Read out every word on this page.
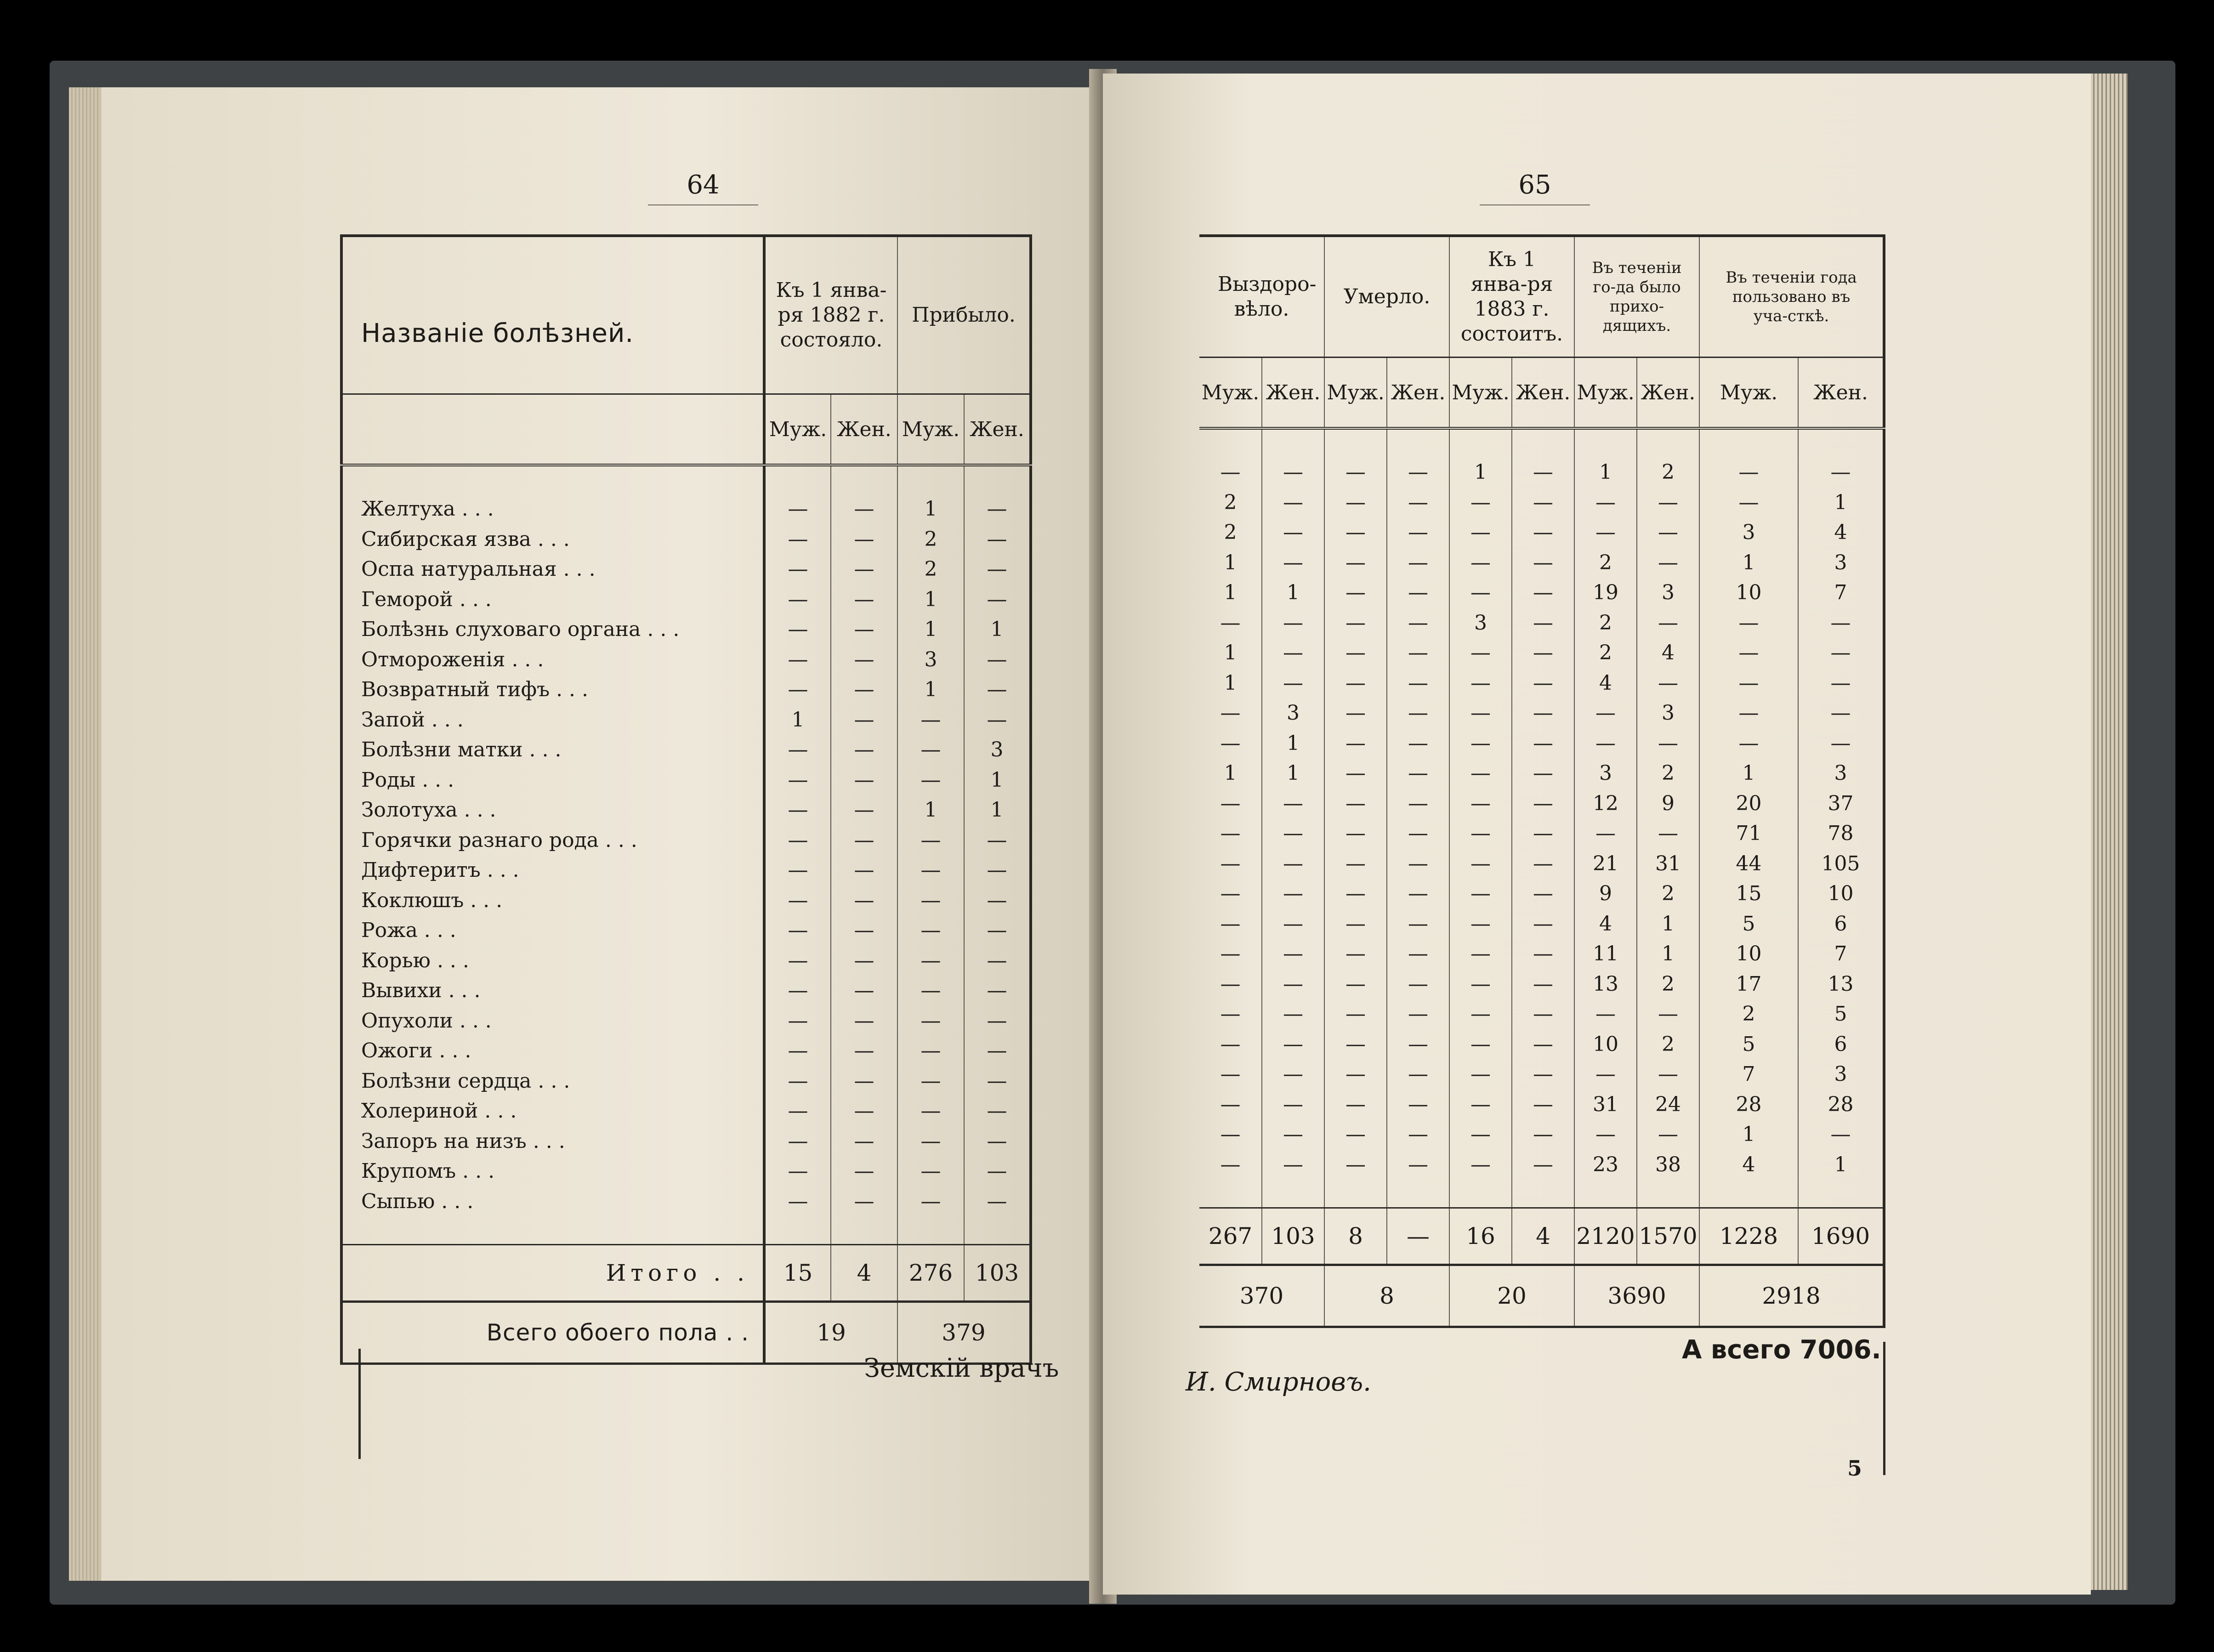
64
Названіе болѣзней.	Къ 1 янва-ря 1882 г. состояло.		Прибыло.	
	Муж.	Жен.	Муж.	Жен.

Желтуха . . .	—	—	1	—
Сибирская язва . . .	—	—	2	—
Оспа натуральная . . .	—	—	2	—
Геморой . . .	—	—	1	—
Болѣзнь слуховаго органа . . .	—	—	1	1
Отмороженія . . .	—	—	3	—
Возвратный тифъ . . .	—	—	1	—
Запой . . .	1	—	—	—
Болѣзни матки . . .	—	—	—	3
Роды . . .	—	—	—	1
Золотуха . . .	—	—	1	1
Горячки разнаго рода . . .	—	—	—	—
Дифтеритъ . . .	—	—	—	—
Коклюшъ . . .	—	—	—	—
Рожа . . .	—	—	—	—
Корью . . .	—	—	—	—
Вывихи . . .	—	—	—	—
Опухоли . . .	—	—	—	—
Ожоги . . .	—	—	—	—
Болѣзни сердца . . .	—	—	—	—
Холериной . . .	—	—	—	—
Запоръ на низъ . . .	—	—	—	—
Крупомъ . . .	—	—	—	—
Сыпью . . .	—	—	—	—

Итого . .	15	4	276	103
Всего обоего пола . .	19		379	
Земскій врачъ
65
Выздоро-вѣло.		Умерло.		Къ 1 янва-ря 1883 г. состоитъ.		Въ теченіи го-да было прихо-дящихъ.		Въ теченіи года пользовано въ уча-сткѣ.	
Муж.	Жен.	Муж.	Жен.	Муж.	Жен.	Муж.	Жен.	Муж.	Жен.

—	—	—	—	1	—	1	2	—	—
2	—	—	—	—	—	—	—	—	1
2	—	—	—	—	—	—	—	3	4
1	—	—	—	—	—	2	—	1	3
1	1	—	—	—	—	19	3	10	7
—	—	—	—	3	—	2	—	—	—
1	—	—	—	—	—	2	4	—	—
1	—	—	—	—	—	4	—	—	—
—	3	—	—	—	—	—	3	—	—
—	1	—	—	—	—	—	—	—	—
1	1	—	—	—	—	3	2	1	3
—	—	—	—	—	—	12	9	20	37
—	—	—	—	—	—	—	—	71	78
—	—	—	—	—	—	21	31	44	105
—	—	—	—	—	—	9	2	15	10
—	—	—	—	—	—	4	1	5	6
—	—	—	—	—	—	11	1	10	7
—	—	—	—	—	—	13	2	17	13
—	—	—	—	—	—	—	—	2	5
—	—	—	—	—	—	10	2	5	6
—	—	—	—	—	—	—	—	7	3
—	—	—	—	—	—	31	24	28	28
—	—	—	—	—	—	—	—	1	—
—	—	—	—	—	—	23	38	4	1

267	103	8	—	16	4	2120	1570	1228	1690
370		8		20		3690		2918	
А всего 7006.
И. Смирновъ.
5
